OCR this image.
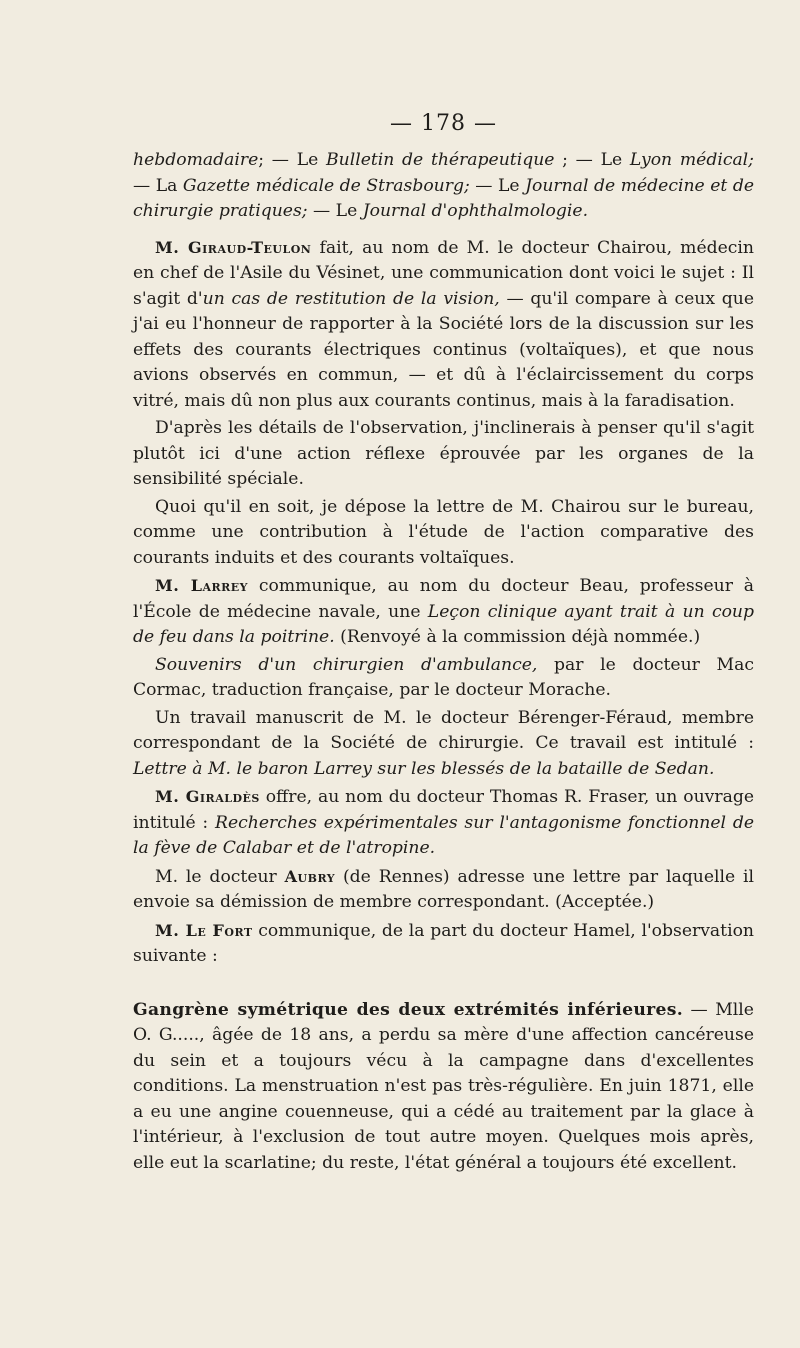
— 178 —

hebdomadaire; — Le Bulletin de thérapeutique ; — Le Lyon médical; — La Gazette médicale de Strasbourg; — Le Journal de médecine et de chirurgie pratiques; — Le Journal d'ophthalmologie.

M. Giraud-Teulon fait, au nom de M. le docteur Chairou, médecin en chef de l'Asile du Vésinet, une communication dont voici le sujet : Il s'agit d'un cas de restitution de la vision, — qu'il compare à ceux que j'ai eu l'honneur de rapporter à la Société lors de la discussion sur les effets des courants électriques continus (voltaïques), et que nous avions observés en commun, — et dû à l'éclaircissement du corps vitré, mais dû non plus aux courants continus, mais à la faradisation.

D'après les détails de l'observation, j'inclinerais à penser qu'il s'agit plutôt ici d'une action réflexe éprouvée par les organes de la sensibilité spéciale.

Quoi qu'il en soit, je dépose la lettre de M. Chairou sur le bureau, comme une contribution à l'étude de l'action comparative des courants induits et des courants voltaïques.

M. Larrey communique, au nom du docteur Beau, professeur à l'École de médecine navale, une Leçon clinique ayant trait à un coup de feu dans la poitrine. (Renvoyé à la commission déjà nommée.)

Souvenirs d'un chirurgien d'ambulance, par le docteur Mac Cormac, traduction française, par le docteur Morache.

Un travail manuscrit de M. le docteur Bérenger-Féraud, membre correspondant de la Société de chirurgie. Ce travail est intitulé : Lettre à M. le baron Larrey sur les blessés de la bataille de Sedan.

M. Giraldès offre, au nom du docteur Thomas R. Fraser, un ouvrage intitulé : Recherches expérimentales sur l'antagonisme fonctionnel de la fève de Calabar et de l'atropine.

M. le docteur Aubry (de Rennes) adresse une lettre par laquelle il envoie sa démission de membre correspondant. (Acceptée.)

M. Le Fort communique, de la part du docteur Hamel, l'observation suivante :

Gangrène symétrique des deux extrémités inférieures. — Mlle O. G....., âgée de 18 ans, a perdu sa mère d'une affection cancéreuse du sein et a toujours vécu à la campagne dans d'excellentes conditions. La menstruation n'est pas très-régulière. En juin 1871, elle a eu une angine couenneuse, qui a cédé au traitement par la glace à l'intérieur, à l'exclusion de tout autre moyen. Quelques mois après, elle eut la scarlatine; du reste, l'état général a toujours été excellent.
